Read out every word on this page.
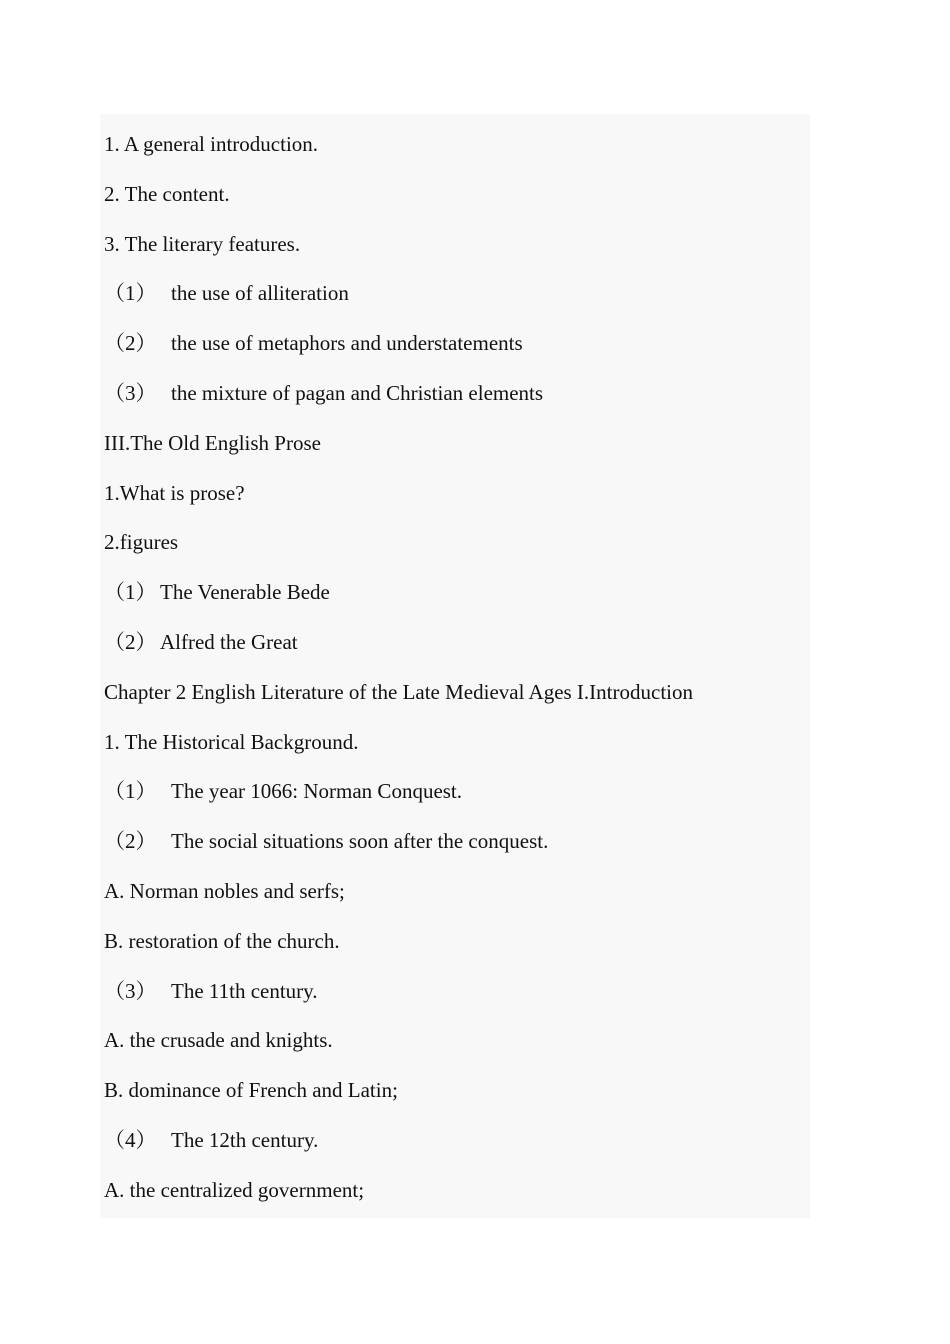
1. A general introduction.
2. The content.
3. The literary features.
（1） the use of alliteration
（2） the use of metaphors and understatements
（3） the mixture of pagan and Christian elements
III.The Old English Prose
1.What is prose?
2.figures
（1） The Venerable Bede
（2） Alfred the Great
Chapter 2 English Literature of the Late Medieval Ages I.Introduction
1. The Historical Background.
（1） The year 1066: Norman Conquest.
（2） The social situations soon after the conquest.
A. Norman nobles and serfs;
B. restoration of the church.
（3） The 11th century.
A. the crusade and knights.
B. dominance of French and Latin;
（4） The 12th century.
A. the centralized government;
